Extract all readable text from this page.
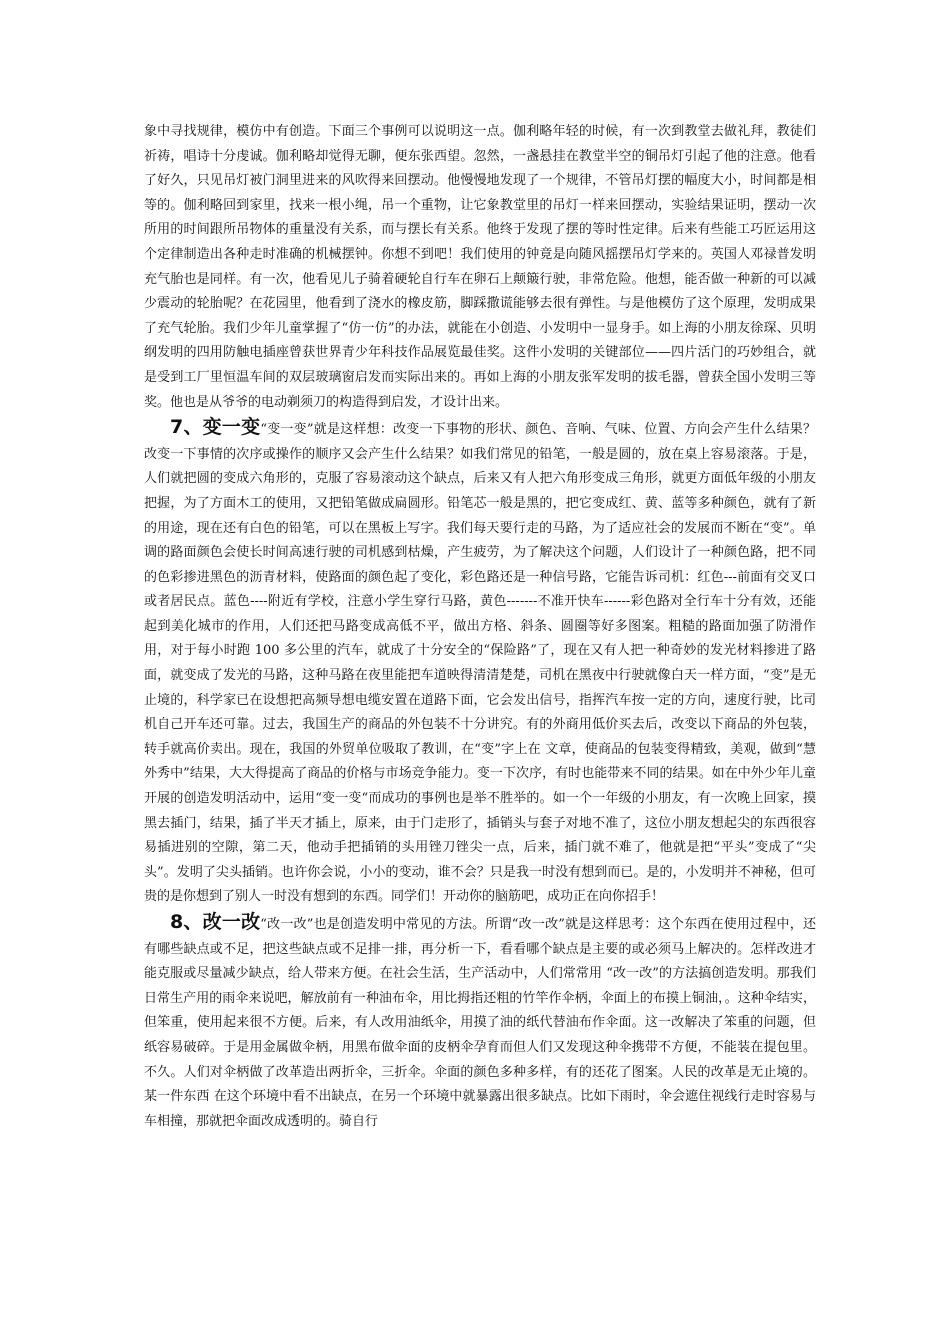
象中寻找规律，模仿中有创造。下面三个事例可以说明这一点。伽利略年轻的时候，有一次到教堂去做礼拜，教徒们祈祷，唱诗十分虔诚。伽利略却觉得无聊，便东张西望。忽然，一盏悬挂在教堂半空的铜吊灯引起了他的注意。他看了好久，只见吊灯被门洞里进来的风吹得来回摆动。他慢慢地发现了一个规律，不管吊灯摆的幅度大小，时间都是相等的。伽利略回到家里，找来一根小绳，吊一个重物，让它象教堂里的吊灯一样来回摆动，实验结果证明，摆动一次所用的时间跟所吊物体的重量没有关系，而与摆长有关系。他终于发现了摆的等时性定律。后来有些能工巧匠运用这个定律制造出各种走时准确的机械摆钟。你想不到吧！我们使用的钟竟是向随风摇摆吊灯学来的。英国人邓禄普发明充气胎也是同样。有一次，他看见儿子骑着硬轮自行车在卵石上颠簸行驶，非常危险。他想，能否做一种新的可以减少震动的轮胎呢？在花园里，他看到了浇水的橡皮筋，脚踩撒谎能够去很有弹性。与是他模仿了这个原理，发明成果了充气轮胎。我们少年儿童掌握了“仿一仿”的办法，就能在小创造、小发明中一显身手。如上海的小朋友徐琛、贝明纲发明的四用防触电插座曾获世界青少年科技作品展览最佳奖。这件小发明的关键部位——四片活门的巧妙组合，就是受到工厂里恒温车间的双层玻璃窗启发而实际出来的。再如上海的小朋友张军发明的拔毛器，曾获全国小发明三等奖。他也是从爷爷的电动剃须刀的构造得到启发，才设计出来。

7、变一变“变一变”就是这样想：改变一下事物的形状、颜色、音响、气味、位置、方向会产生什么结果？改变一下事情的次序或操作的顺序又会产生什么结果？如我们常见的铅笔，一般是圆的，放在桌上容易滚落。于是，人们就把圆的变成六角形的，克服了容易滚动这个缺点，后来又有人把六角形变成三角形，就更方面低年级的小朋友把握，为了方面木工的使用，又把铅笔做成扁圆形。铅笔芯一般是黑的，把它变成红、黄、蓝等多种颜色，就有了新的用途，现在还有白色的铅笔，可以在黑板上写字。我们每天要行走的马路，为了适应社会的发展而不断在“变”。单调的路面颜色会使长时间高速行驶的司机感到枯燥，产生疲劳，为了解决这个问题，人们设计了一种颜色路，把不同的色彩掺进黑色的沥青材料，使路面的颜色起了变化，彩色路还是一种信号路，它能告诉司机：红色---前面有交叉口或者居民点。蓝色----附近有学校，注意小学生穿行马路，黄色-------不准开快车------彩色路对全行车十分有效，还能起到美化城市的作用，人们还把马路变成高低不平，做出方格、斜条、圆圈等好多图案。粗糙的路面加强了防滑作用，对于每小时跑 100 多公里的汽车，就成了十分安全的“保险路”了，现在又有人把一种奇妙的发光材料掺进了路面，就变成了发光的马路，这种马路在夜里能把车道映得清清楚楚，司机在黑夜中行驶就像白天一样方面，“变”是无止境的，科学家已在设想把高频导想电缆安置在道路下面，它会发出信号，指挥汽车按一定的方向，速度行驶，比司机自己开车还可靠。过去，我国生产的商品的外包装不十分讲究。有的外商用低价买去后，改变以下商品的外包装，转手就高价卖出。现在，我国的外贸单位吸取了教训，在“变”字上在 文章，使商品的包装变得精致，美观，做到“慧外秀中”结果，大大得提高了商品的价格与市场竞争能力。变一下次序，有时也能带来不同的结果。如在中外少年儿童开展的创造发明活动中，运用“变一变“而成功的事例也是举不胜举的。如一个一年级的小朋友，有一次晚上回家，摸黑去插门，结果，插了半天才插上，原来，由于门走形了，插销头与套子对地不准了，这位小朋友想起尖的东西很容易插进别的空隙，第二天，他动手把插销的头用锉刀锉尖一点，后来，插门就不难了，他就是把“平头”变成了“尖头”。发明了尖头插销。也许你会说，小小的变动，谁不会？只是我一时没有想到而已。是的，小发明并不神秘，但可贵的是你想到了别人一时没有想到的东西。同学们！开动你的脑筋吧，成功正在向你招手！

8、改一改“改一改”也是创造发明中常见的方法。所谓“改一改”就是这样思考：这个东西在使用过程中，还有哪些缺点或不足，把这些缺点或不足排一排，再分析一下，看看哪个缺点是主要的或必须马上解决的。怎样改进才能克服或尽量减少缺点，给人带来方便。在社会生活，生产活动中，人们常常用 “改一改”的方法搞创造发明。那我们日常生产用的雨伞来说吧，解放前有一种油布伞，用比拇指还粗的竹竿作伞柄，伞面上的布摸上铜油，。这种伞结实，但笨重，使用起来很不方便。后来，有人改用油纸伞，用摸了油的纸代替油布作伞面。这一改解决了笨重的问题，但纸容易破碎。于是用金属做伞柄，用黑布做伞面的皮柄伞孕育而但人们又发现这种伞携带不方便，不能装在提包里。不久。人们对伞柄做了改革造出两折伞，三折伞。伞面的颜色多种多样，有的还花了图案。人民的改革是无止境的。某一件东西 在这个环境中看不出缺点，在另一个环境中就暴露出很多缺点。比如下雨时，伞会遮住视线行走时容易与车相撞，那就把伞面改成透明的。骑自行
